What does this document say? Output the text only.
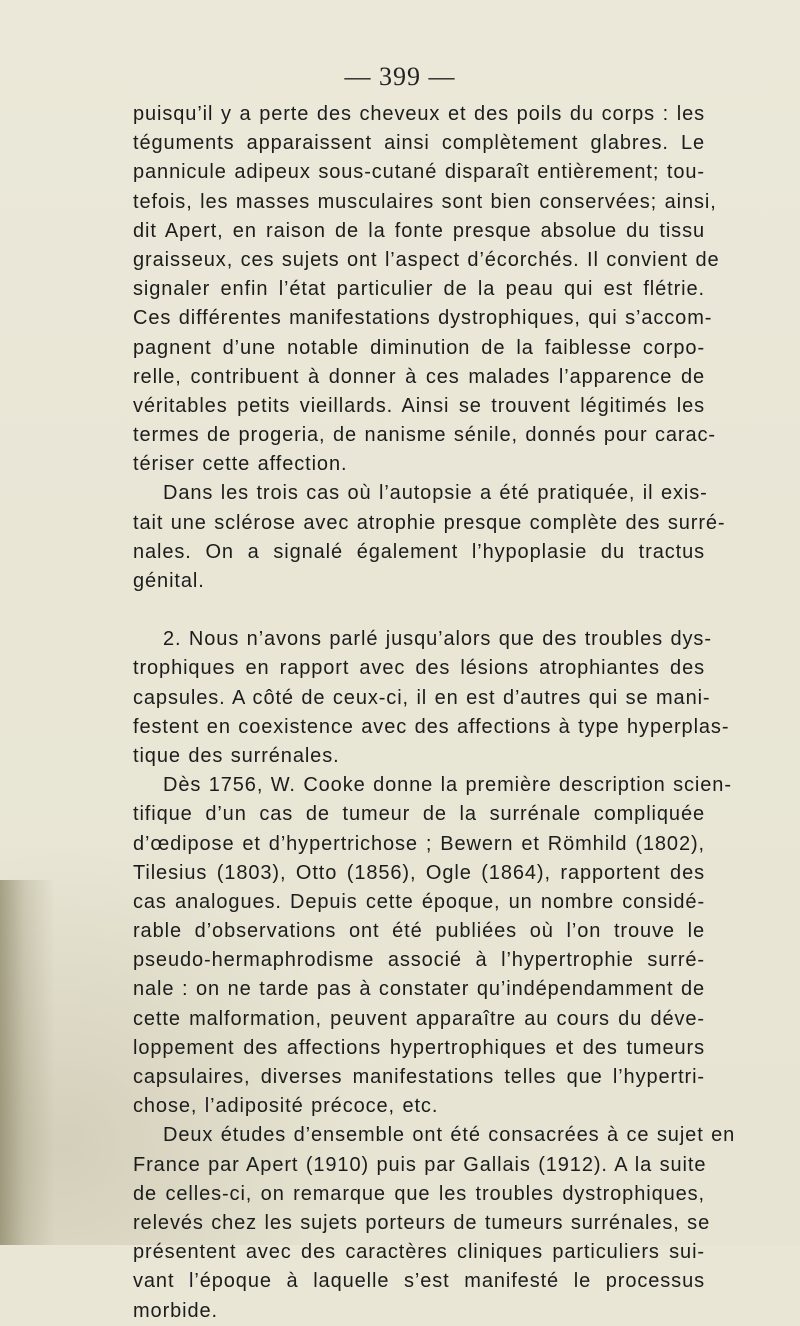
— 399 —
puisqu’il y a perte des cheveux et des poils du corps : les
téguments apparaissent ainsi complètement glabres. Le
pannicule adipeux sous-cutané disparaît entièrement; tou-
tefois, les masses musculaires sont bien conservées; ainsi,
dit Apert, en raison de la fonte presque absolue du tissu
graisseux, ces sujets ont l’aspect d’écorchés. Il convient de
signaler enfin l’état particulier de la peau qui est flétrie.
Ces différentes manifestations dystrophiques, qui s’accom-
pagnent d’une notable diminution de la faiblesse corpo-
relle, contribuent à donner à ces malades l’apparence de
véritables petits vieillards. Ainsi se trouvent légitimés les
termes de progeria, de nanisme sénile, donnés pour carac-
tériser cette affection.
Dans les trois cas où l’autopsie a été pratiquée, il exis-
tait une sclérose avec atrophie presque complète des surré-
nales. On a signalé également l’hypoplasie du tractus
génital.
2. Nous n’avons parlé jusqu’alors que des troubles dys-
trophiques en rapport avec des lésions atrophiantes des
capsules. A côté de ceux-ci, il en est d’autres qui se mani-
festent en coexistence avec des affections à type hyperplas-
tique des surrénales.
Dès 1756, W. Cooke donne la première description scien-
tifique d’un cas de tumeur de la surrénale compliquée
d’œdipose et d’hypertrichose ; Bewern et Römhild (1802),
Tilesius (1803), Otto (1856), Ogle (1864), rapportent des
cas analogues. Depuis cette époque, un nombre considé-
rable d’observations ont été publiées où l’on trouve le
pseudo-hermaphrodisme associé à l’hypertrophie surré-
nale : on ne tarde pas à constater qu’indépendamment de
cette malformation, peuvent apparaître au cours du déve-
loppement des affections hypertrophiques et des tumeurs
capsulaires, diverses manifestations telles que l’hypertri-
chose, l’adiposité précoce, etc.
Deux études d’ensemble ont été consacrées à ce sujet en
France par Apert (1910) puis par Gallais (1912). A la suite
de celles-ci, on remarque que les troubles dystrophiques,
relevés chez les sujets porteurs de tumeurs surrénales, se
présentent avec des caractères cliniques particuliers sui-
vant l’époque à laquelle s’est manifesté le processus
morbide.
